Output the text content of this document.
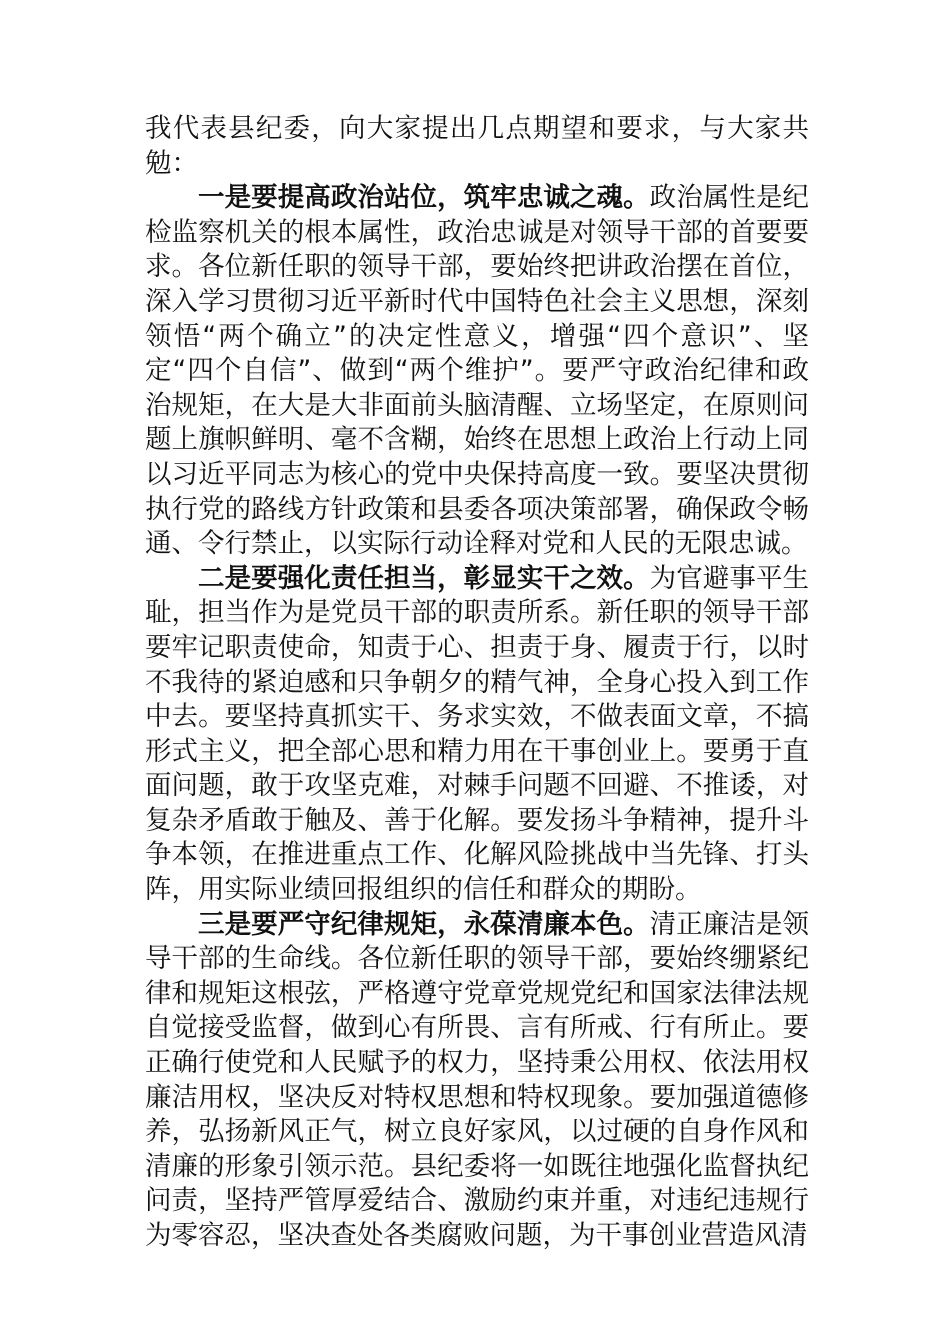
我代表县纪委，向大家提出几点期望和要求，与大家共勉：

一是要提高政治站位，筑牢忠诚之魂。政治属性是纪检监察机关的根本属性，政治忠诚是对领导干部的首要要求。各位新任职的领导干部，要始终把讲政治摆在首位，深入学习贯彻习近平新时代中国特色社会主义思想，深刻领悟“两个确立”的决定性意义，增强“四个意识”、坚定“四个自信”、做到“两个维护”。要严守政治纪律和政治规矩，在大是大非面前头脑清醒、立场坚定，在原则问题上旗帜鲜明、毫不含糊，始终在思想上政治上行动上同以习近平同志为核心的党中央保持高度一致。要坚决贯彻执行党的路线方针政策和县委各项决策部署，确保政令畅通、令行禁止，以实际行动诠释对党和人民的无限忠诚。

二是要强化责任担当，彰显实干之效。为官避事平生耻，担当作为是党员干部的职责所系。新任职的领导干部要牢记职责使命，知责于心、担责于身、履责于行，以时不我待的紧迫感和只争朝夕的精气神，全身心投入到工作中去。要坚持真抓实干、务求实效，不做表面文章，不搞形式主义，把全部心思和精力用在干事创业上。要勇于直面问题，敢于攻坚克难，对棘手问题不回避、不推诿，对复杂矛盾敢于触及、善于化解。要发扬斗争精神，提升斗争本领，在推进重点工作、化解风险挑战中当先锋、打头阵，用实际业绩回报组织的信任和群众的期盼。

三是要严守纪律规矩，永葆清廉本色。清正廉洁是领导干部的生命线。各位新任职的领导干部，要始终绷紧纪律和规矩这根弦，严格遵守党章党规党纪和国家法律法规自觉接受监督，做到心有所畏、言有所戒、行有所止。要正确行使党和人民赋予的权力，坚持秉公用权、依法用权廉洁用权，坚决反对特权思想和特权现象。要加强道德修养，弘扬新风正气，树立良好家风，以过硬的自身作风和清廉的形象引领示范。县纪委将一如既往地强化监督执纪问责，坚持严管厚爱结合、激励约束并重，对违纪违规行为零容忍，坚决查处各类腐败问题，为干事创业营造风清
